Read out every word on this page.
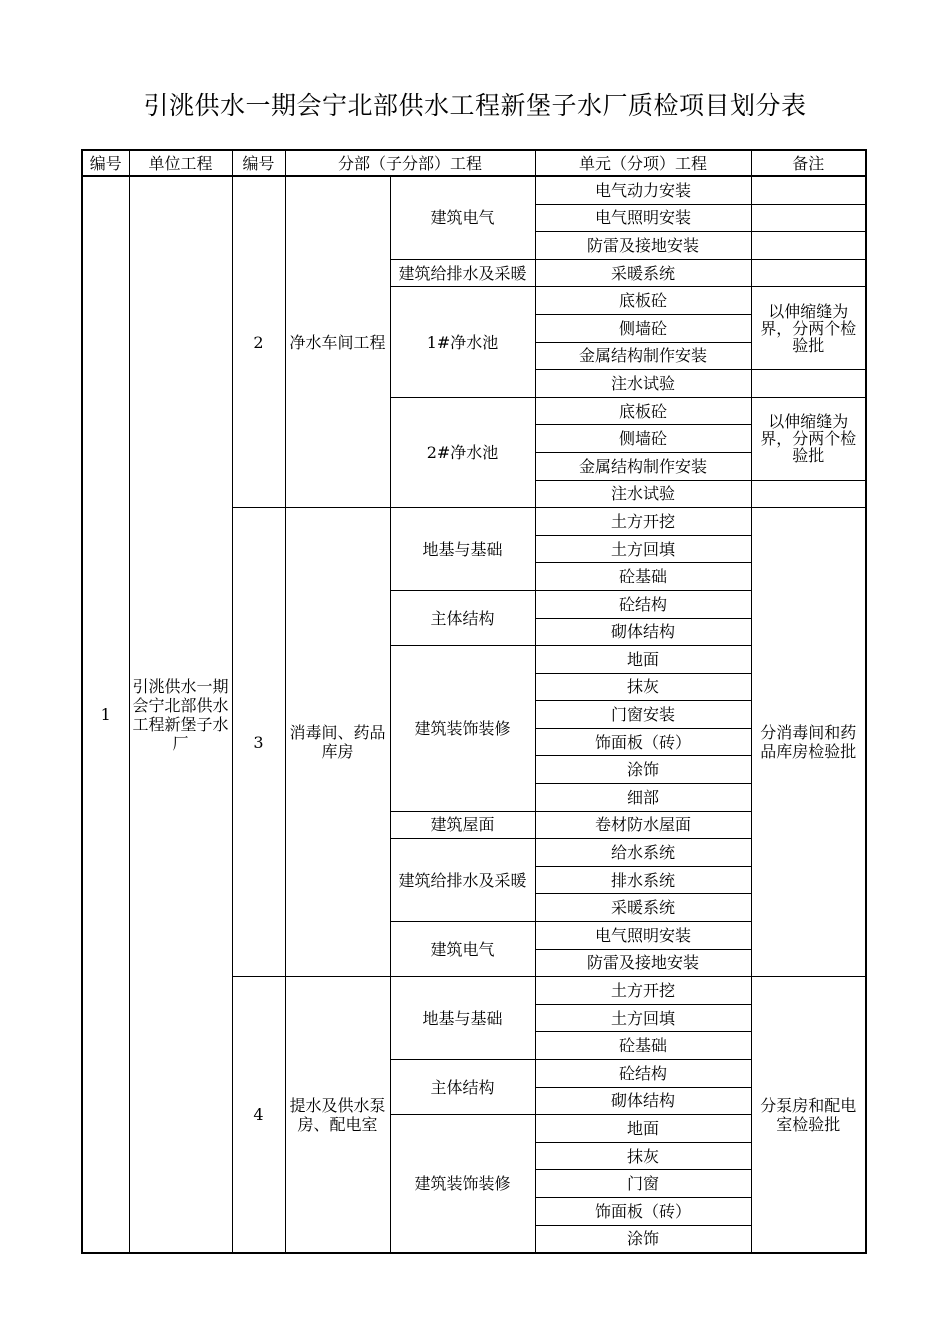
引洮供水一期会宁北部供水工程新堡子水厂质检项目划分表
编号	单位工程	编号	分部（子分部）工程		单元（分项）工程	备注
1	引洮供水一期会宁北部供水工程新堡子水厂	2	净水车间工程	建筑电气	电气动力安装	
					电气照明安装	
					防雷及接地安装	
				建筑给排水及采暖	采暖系统	
				1#净水池	底板砼	以伸缩缝为界，分两个检验批
					侧墙砼	
					金属结构制作安装	
					注水试验	
				2#净水池	底板砼	以伸缩缝为界，分两个检验批
					侧墙砼	
					金属结构制作安装	
					注水试验	
		3	消毒间、药品库房	地基与基础	土方开挖	分消毒间和药品库房检验批
					土方回填	
					砼基础	
				主体结构	砼结构	
					砌体结构	
				建筑装饰装修	地面	
					抹灰	
					门窗安装	
					饰面板（砖）	
					涂饰	
					细部	
				建筑屋面	卷材防水屋面	
				建筑给排水及采暖	给水系统	
					排水系统	
					采暖系统	
				建筑电气	电气照明安装	
					防雷及接地安装	
		4	提水及供水泵房、配电室	地基与基础	土方开挖	分泵房和配电室检验批
					土方回填	
					砼基础	
				主体结构	砼结构	
					砌体结构	
				建筑装饰装修	地面	
					抹灰	
					门窗	
					饰面板（砖）	
					涂饰	
